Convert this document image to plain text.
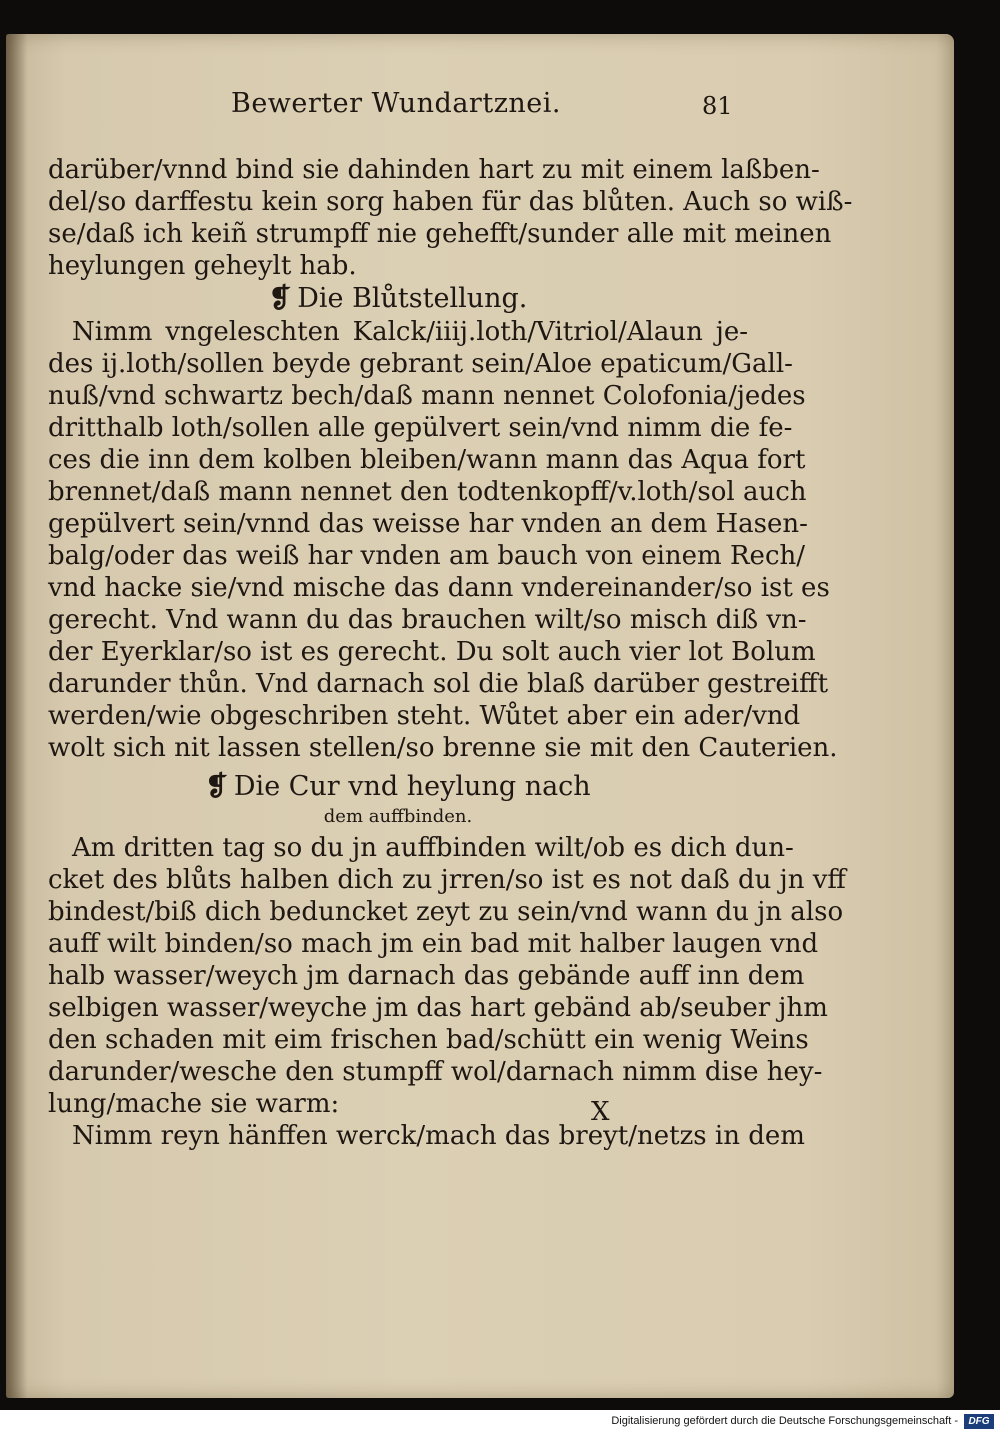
Bewerter Wundartznei.	81
darüber/vnnd bind sie dahinden hart zu mit einem laßben-
del/so darffestu kein sorg haben für das blůten. Auch so wiß-
se/daß ich keiñ strumpff nie gehefft/sunder alle mit meinen
heylungen geheylt hab.
❡ Die Blůtstellung.
Nimm vngeleschten Kalck/iiij.loth/Vitriol/Alaun je-
des ij.loth/sollen beyde gebrant sein/Aloe epaticum/Gall-
nuß/vnd schwartz bech/daß mann nennet Colofonia/jedes
dritthalb loth/sollen alle gepülvert sein/vnd nimm die fe-
ces die inn dem kolben bleiben/wann mann das Aqua fort
brennet/daß mann nennet den todtenkopff/v.loth/sol auch
gepülvert sein/vnnd das weisse har vnden an dem Hasen-
balg/oder das weiß har vnden am bauch von einem Rech/
vnd hacke sie/vnd mische das dann vndereinander/so ist es
gerecht. Vnd wann du das brauchen wilt/so misch diß vn-
der Eyerklar/so ist es gerecht. Du solt auch vier lot Bolum
darunder thůn. Vnd darnach sol die blaß darüber gestreifft
werden/wie obgeschriben steht. Wůtet aber ein ader/vnd
wolt sich nit lassen stellen/so brenne sie mit den Cauterien.
❡ Die Cur vnd heylung nach
dem auffbinden.
Am dritten tag so du jn auffbinden wilt/ob es dich dun-
cket des blůts halben dich zu jrren/so ist es not daß du jn vff
bindest/biß dich beduncket zeyt zu sein/vnd wann du jn also
auff wilt binden/so mach jm ein bad mit halber laugen vnd
halb wasser/weych jm darnach das gebände auff inn dem
selbigen wasser/weyche jm das hart gebänd ab/seuber jhm
den schaden mit eim frischen bad/schütt ein wenig Weins
darunder/wesche den stumpff wol/darnach nimm dise hey-
lung/mache sie warm:
Nimm reyn hänffen werck/mach das breyt/netzs in dem
X
Digitalisierung gefördert durch die Deutsche Forschungsgemeinschaft -	DFG
